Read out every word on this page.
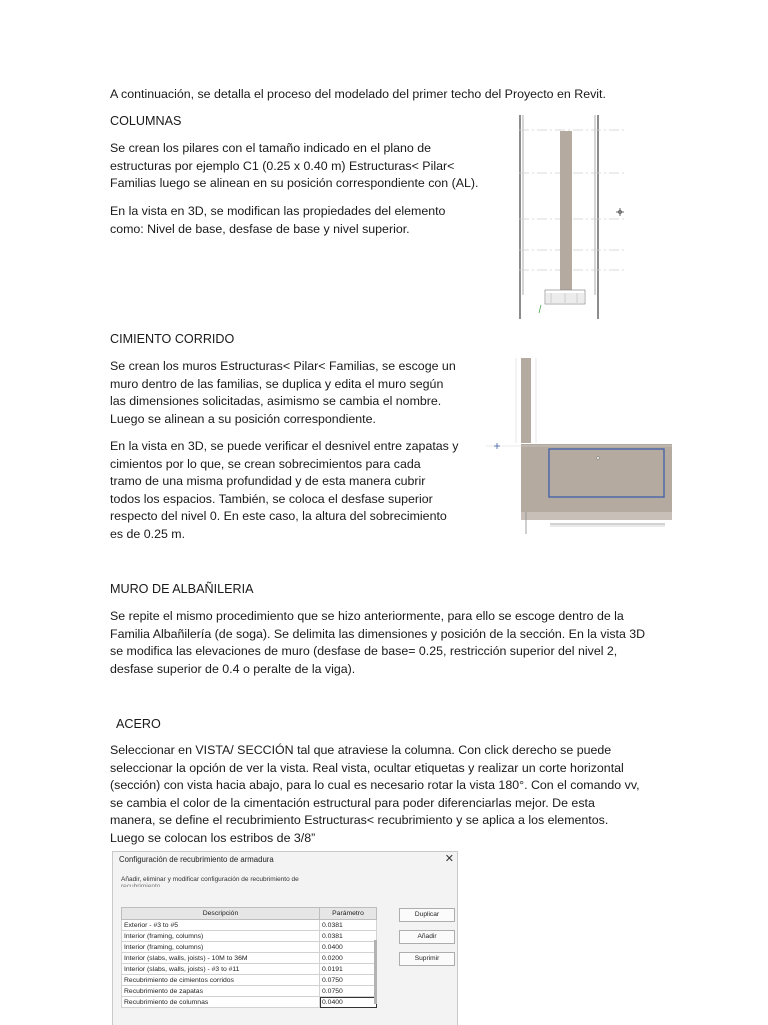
A continuación, se detalla el proceso del modelado del primer techo del Proyecto en Revit.
COLUMNAS

Se crean los pilares con el tamaño indicado en el plano de

estructuras por ejemplo C1 (0.25 x 0.40 m) Estructuras< Pilar<

Familias luego se alinean en su posición correspondiente con (AL).

En la vista en 3D, se modifican las propiedades del elemento

como: Nivel de base, desfase de base y nivel superior.

CIMIENTO CORRIDO

Se crean los muros Estructuras< Pilar< Familias, se escoge un

muro dentro de las familias, se duplica y edita el muro según

las dimensiones solicitadas, asimismo se cambia el nombre.

Luego se alinean a su posición correspondiente.

En la vista en 3D, se puede verificar el desnivel entre zapatas y

cimientos por lo que, se crean sobrecimientos para cada

tramo de una misma profundidad y de esta manera cubrir

todos los espacios. También, se coloca el desfase superior

respecto del nivel 0. En este caso, la altura del sobrecimiento

es de 0.25 m.

MURO DE ALBAÑILERIA

Se repite el mismo procedimiento que se hizo anteriormente, para ello se escoge dentro de la

Familia Albañilería (de soga). Se delimita las dimensiones y posición de la sección. En la vista 3D

se modifica las elevaciones de muro (desfase de base= 0.25, restricción superior del nivel 2,

desfase superior de 0.4 o peralte de la viga).

ACERO

Seleccionar en VISTA/ SECCIÓN tal que atraviese la columna. Con click derecho se puede

seleccionar la opción de ver la vista. Real vista, ocultar etiquetas y realizar un corte horizontal

(sección) con vista hacia abajo, para lo cual es necesario rotar la vista 180°. Con el comando vv,

se cambia el color de la cimentación estructural para poder diferenciarlas mejor. De esta

manera, se define el recubrimiento Estructuras< recubrimiento y se aplica a los elementos.

Luego se colocan los estribos de 3/8”

Configuración de recubrimiento de armadura	✕
Añadir, eliminar y modificar configuración de recubrimiento de
recubrimiento
Descripción	Parámetro
Exterior - #3 to #5	0.0381
Interior (framing, columns)	0.0381
Interior (framing, columns)	0.0400
Interior (slabs, walls, joists) - 10M to 36M	0.0200
Interior (slabs, walls, joists) - #3 to #11	0.0191
Recubrimiento de cimientos corridos	0.0750
Recubrimiento de zapatas	0.0750
Recubrimiento de columnas	0.0400
Duplicar
Añadir
Suprimir
